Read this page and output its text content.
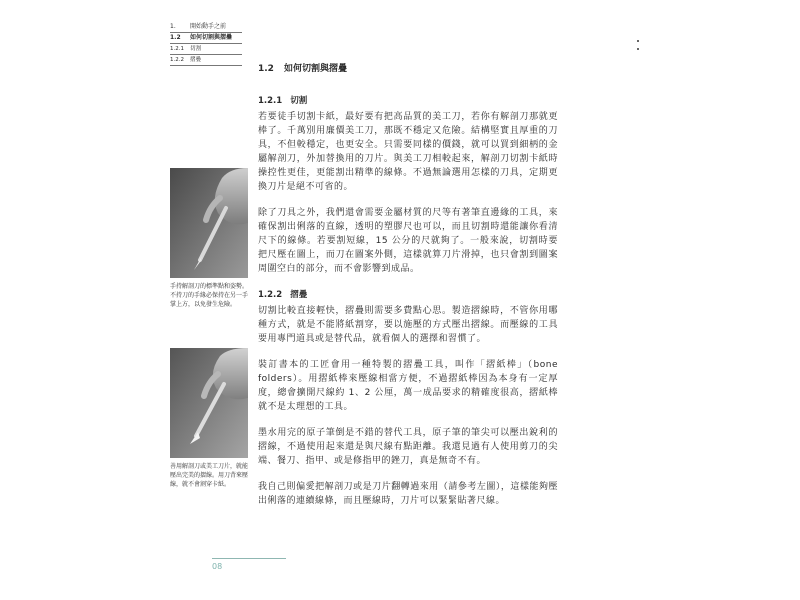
1.	開始動手之前
1.2	如何切割與摺疊
1.2.1	切割
1.2.2	摺疊
1.2 如何切割與摺疊
1.2.1 切割

若要徒手切割卡紙，最好要有把高品質的美工刀，若你有解剖刀那就更棒了。千萬別用廉價美工刀，那既不穩定又危險。結構堅實且厚重的刀具，不但較穩定，也更安全。只需要同樣的價錢，就可以買到細柄的金屬解剖刀，外加替換用的刀片。與美工刀相較起來，解剖刀切割卡紙時操控性更佳，更能割出精準的線條。不過無論選用怎樣的刀具，定期更換刀片是絕不可省的。

除了刀具之外，我們還會需要金屬材質的尺等有著筆直邊緣的工具，來確保割出俐落的直線，透明的塑膠尺也可以，而且切割時還能讓你看清尺下的線條。若要割短線，15 公分的尺就夠了。一般來說，切割時要把尺壓在圖上，而刀在圖案外側，這樣就算刀片滑掉，也只會割到圖案周圍空白的部分，而不會影響到成品。

1.2.2 摺疊

切割比較直接輕快，摺疊則需要多費點心思。製造摺線時，不管你用哪種方式，就是不能將紙割穿，要以施壓的方式壓出摺線。而壓線的工具要用專門道具或是替代品，就看個人的選擇和習慣了。

裝訂書本的工匠會用一種特製的摺疊工具，叫作「摺紙棒」（bone folders）。用摺紙棒來壓線相當方便，不過摺紙棒因為本身有一定厚度，總會擴開尺線約 1、2 公厘，萬一成品要求的精確度很高，摺紙棒就不是太理想的工具。

墨水用完的原子筆倒是不錯的替代工具，原子筆的筆尖可以壓出銳利的摺線，不過使用起來還是與尺線有點距離。我還見過有人使用剪刀的尖端、餐刀、指甲、或是修指甲的銼刀，真是無奇不有。

我自己則偏愛把解剖刀或是刀片翻轉過來用（請參考左圖），這樣能夠壓出俐落的連續線條，而且壓線時，刀片可以緊緊貼著尺線。

手持解剖刀的標準點和姿勢。不持刀的手緣必保持在另一手掌上方，以免發生危險。
善用解剖刀或美工刀片，就能壓出完美的摺線。用刀背來壓線，就不會割穿卡紙。
08
